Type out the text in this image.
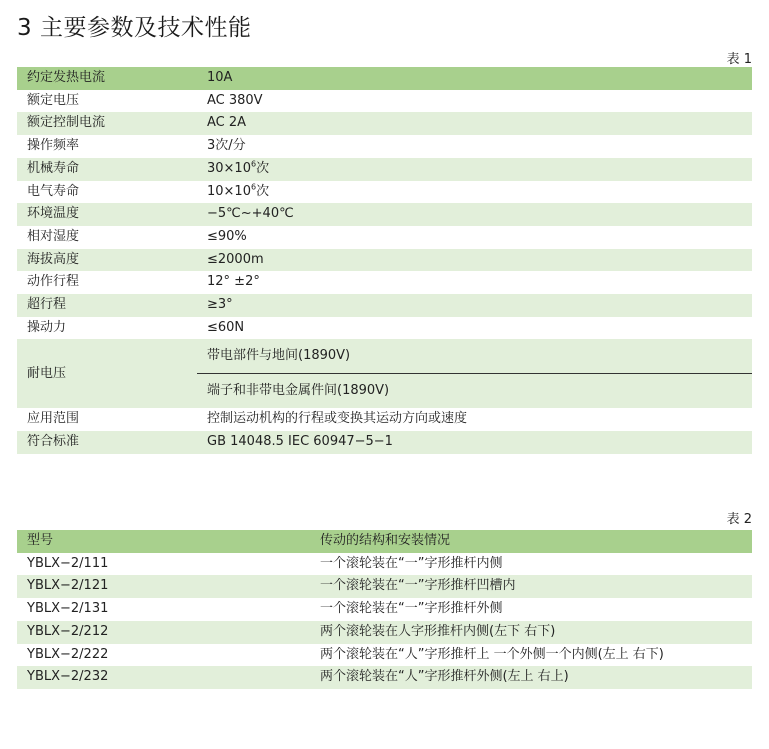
3 主要参数及技术性能
表 1
约定发热电流	10A
额定电压	AC 380V
额定控制电流	AC 2A
操作频率	3次/分
机械寿命	$30\times 10^6$次
电气寿命	$10\times 10^6$次
环境温度	−5℃~+40℃
相对湿度	≤90%
海拔高度	≤2000m
动作行程	12° ±2°
超行程	≥3°
操动力	≤60N
耐电压	带电部件与地间(1890V)
端子和非带电金属件间(1890V)

应用范围	控制运动机构的行程或变换其运动方向或速度
符合标准	GB 14048.5 IEC 60947−5−1
表 2
型号	传动的结构和安装情况
YBLX−2/111	一个滚轮装在“一”字形推杆内侧
YBLX−2/121	一个滚轮装在“一”字形推杆凹槽内
YBLX−2/131	一个滚轮装在“一”字形推杆外侧
YBLX−2/212	两个滚轮装在人字形推杆内侧(左下 右下)
YBLX−2/222	两个滚轮装在“人”字形推杆上 一个外侧一个内侧(左上 右下)
YBLX−2/232	两个滚轮装在“人”字形推杆外侧(左上 右上)
